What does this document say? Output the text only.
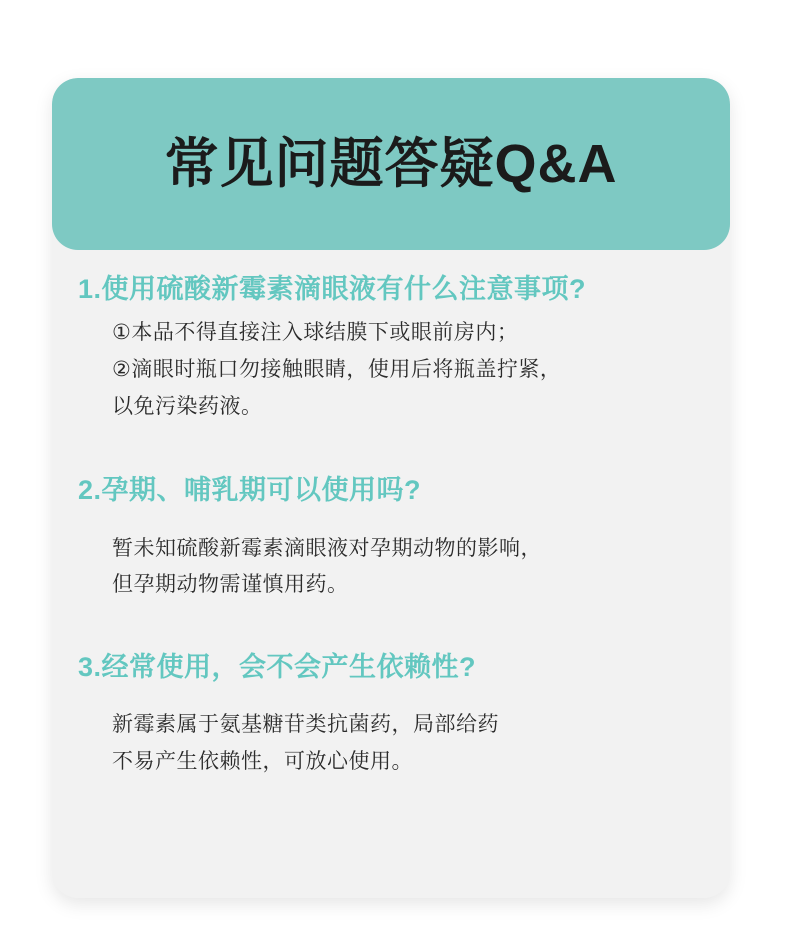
常见问题答疑Q&A
1.使用硫酸新霉素滴眼液有什么注意事项?
①本品不得直接注入球结膜下或眼前房内；
②滴眼时瓶口勿接触眼睛，使用后将瓶盖拧紧，
以免污染药液。
2.孕期、哺乳期可以使用吗?
暂未知硫酸新霉素滴眼液对孕期动物的影响，
但孕期动物需谨慎用药。
3.经常使用，会不会产生依赖性?
新霉素属于氨基糖苷类抗菌药，局部给药
不易产生依赖性，可放心使用。
